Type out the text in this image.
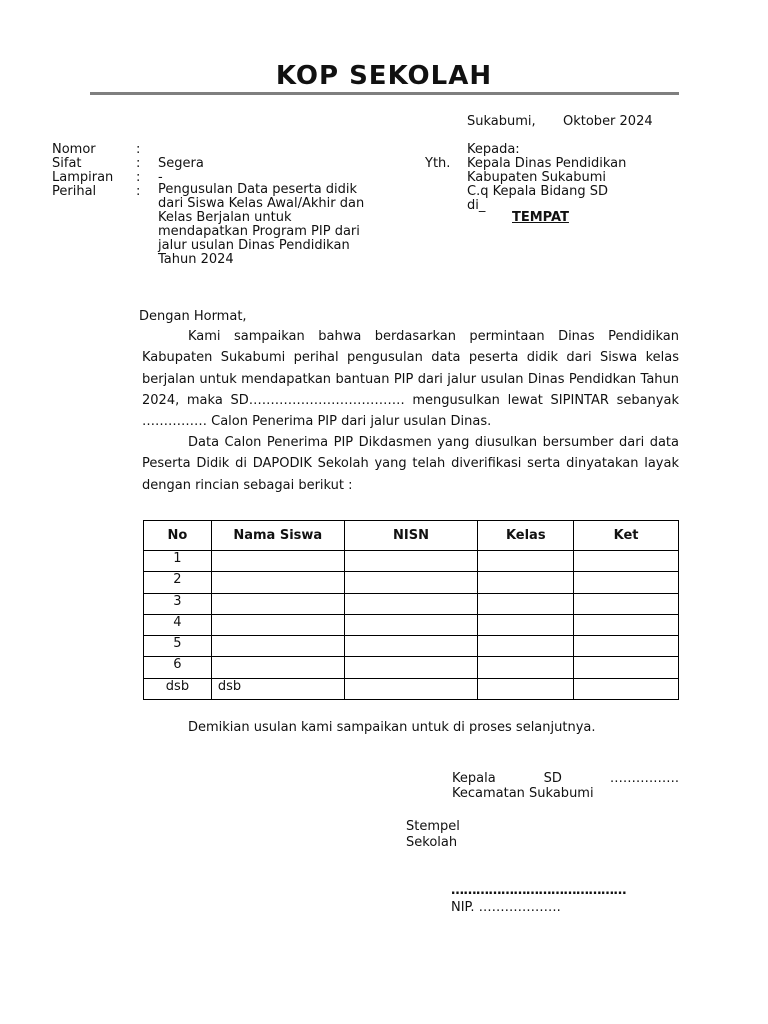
KOP SEKOLAH
Sukabumi, Oktober 2024
Nomor	:
Sifat	: Segera
Lampiran : -
Perihal	: Pengusulan Data peserta didik dari Siswa Kelas Awal/Akhir dan Kelas Berjalan untuk mendapatkan Program PIP dari jalur usulan Dinas Pendidikan Tahun 2024
Kepada:
Yth. Kepala Dinas Pendidikan
Kabupaten Sukabumi
C.q Kepala Bidang SD
di_
TEMPAT
Dengan Hormat,
Kami sampaikan bahwa berdasarkan permintaan Dinas Pendidikan Kabupaten Sukabumi perihal pengusulan data peserta didik dari Siswa kelas berjalan untuk mendapatkan bantuan PIP dari jalur usulan Dinas Pendidkan Tahun 2024, maka SD……………………………… mengusulkan lewat SIPINTAR sebanyak …………… Calon Penerima PIP dari jalur usulan Dinas.
Data Calon Penerima PIP Dikdasmen yang diusulkan bersumber dari data Peserta Didik di DAPODIK Sekolah yang telah diverifikasi serta dinyatakan layak dengan rincian sebagai berikut :
No	Nama Siswa	NISN	Kelas	Ket
1				
2				
3				
4				
5				
6				
dsb	dsb			
Demikian usulan kami sampaikan untuk di proses selanjutnya.
Kepala	SD	…………….
Kecamatan Sukabumi
Stempel
Sekolah
……………………………………
NIP. ……………….
